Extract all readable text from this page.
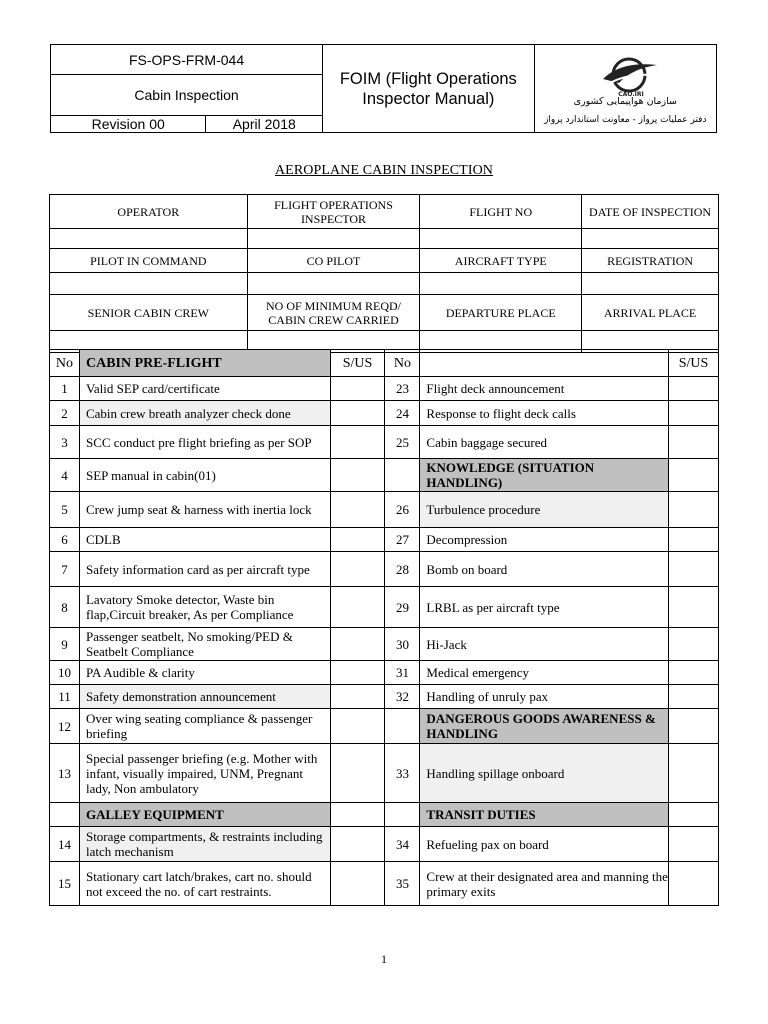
FS-OPS-FRM-044		FOIM (Flight Operations Inspector Manual)	CAO.IRI
سازمان هواپیمایی کشوری
دفتر عملیات پرواز - معاونت استاندارد پرواز

Cabin Inspection			
Revision 00	April 2018		
AEROPLANE CABIN INSPECTION
OPERATOR	FLIGHT OPERATIONS INSPECTOR	FLIGHT NO	DATE OF INSPECTION

PILOT IN COMMAND	CO PILOT	AIRCRAFT TYPE	REGISTRATION

SENIOR CABIN CREW	NO OF MINIMUM REQD/ CABIN CREW CARRIED	DEPARTURE PLACE	ARRIVAL PLACE

No	CABIN PRE-FLIGHT	S/US	No		S/US
1	Valid SEP card/certificate		23	Flight deck announcement	
2	Cabin crew breath analyzer check done		24	Response to flight deck calls	
3	SCC conduct pre flight briefing as per SOP		25	Cabin baggage secured	
4	SEP manual in cabin(01)			KNOWLEDGE (SITUATION HANDLING)	
5	Crew jump seat & harness with inertia lock		26	Turbulence procedure	
6	CDLB		27	Decompression	
7	Safety information card as per aircraft type		28	Bomb on board	
8	Lavatory Smoke detector, Waste bin flap,Circuit breaker, As per Compliance		29	LRBL as per aircraft type	
9	Passenger seatbelt, No smoking/PED & Seatbelt Compliance		30	Hi-Jack	
10	PA Audible & clarity		31	Medical emergency	
11	Safety demonstration announcement		32	Handling of unruly pax	
12	Over wing seating compliance & passenger briefing			DANGEROUS GOODS AWARENESS & HANDLING	
13	Special passenger briefing (e.g. Mother with infant, visually impaired, UNM, Pregnant lady, Non ambulatory		33	Handling spillage onboard	
	GALLEY EQUIPMENT			TRANSIT DUTIES	
14	Storage compartments, & restraints including latch mechanism		34	Refueling pax on board	
15	Stationary cart latch/brakes, cart no. should not exceed the no. of cart restraints.		35	Crew at their designated area and manning the primary exits	
1
